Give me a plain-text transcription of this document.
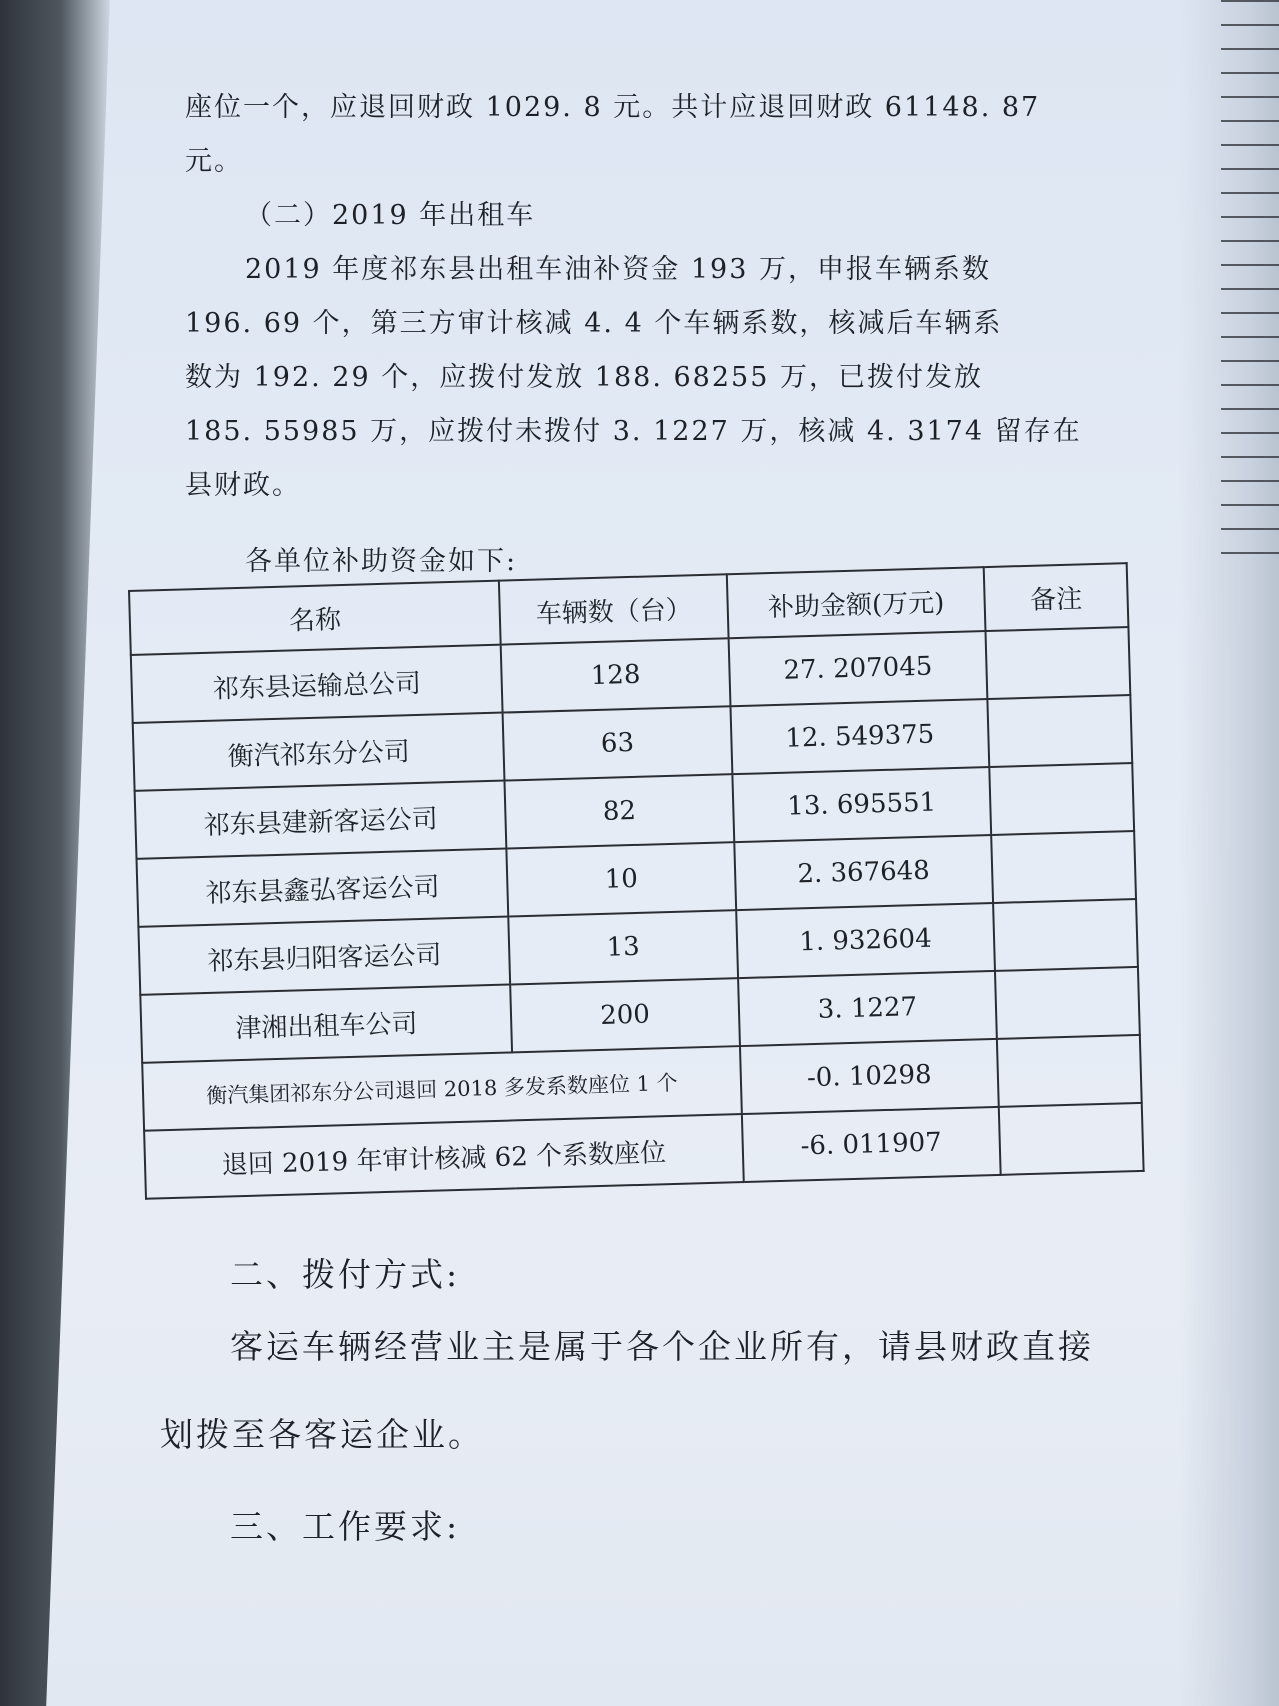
座位一个，应退回财政 1029. 8 元。共计应退回财政 61148. 87
元。
（二）2019 年出租车
2019 年度祁东县出租车油补资金 193 万，申报车辆系数
196. 69 个，第三方审计核减 4. 4 个车辆系数，核减后车辆系
数为 192. 29 个，应拨付发放 188. 68255 万，已拨付发放
185. 55985 万，应拨付未拨付 3. 1227 万，核减 4. 3174 留存在
县财政。
各单位补助资金如下:
名称	车辆数（台）	补助金额(万元)	备注
祁东县运输总公司	128	27. 207045	
衡汽祁东分公司	63	12. 549375	
祁东县建新客运公司	82	13. 695551	
祁东县鑫弘客运公司	10	2. 367648	
祁东县归阳客运公司	13	1. 932604	
津湘出租车公司	200	3. 1227	
衡汽集团祁东分公司退回 2018 多发系数座位 1 个		-0. 10298	
退回 2019 年审计核减 62 个系数座位		-6. 011907	
二、拨付方式:
客运车辆经营业主是属于各个企业所有，请县财政直接
划拨至各客运企业。
三、工作要求:
